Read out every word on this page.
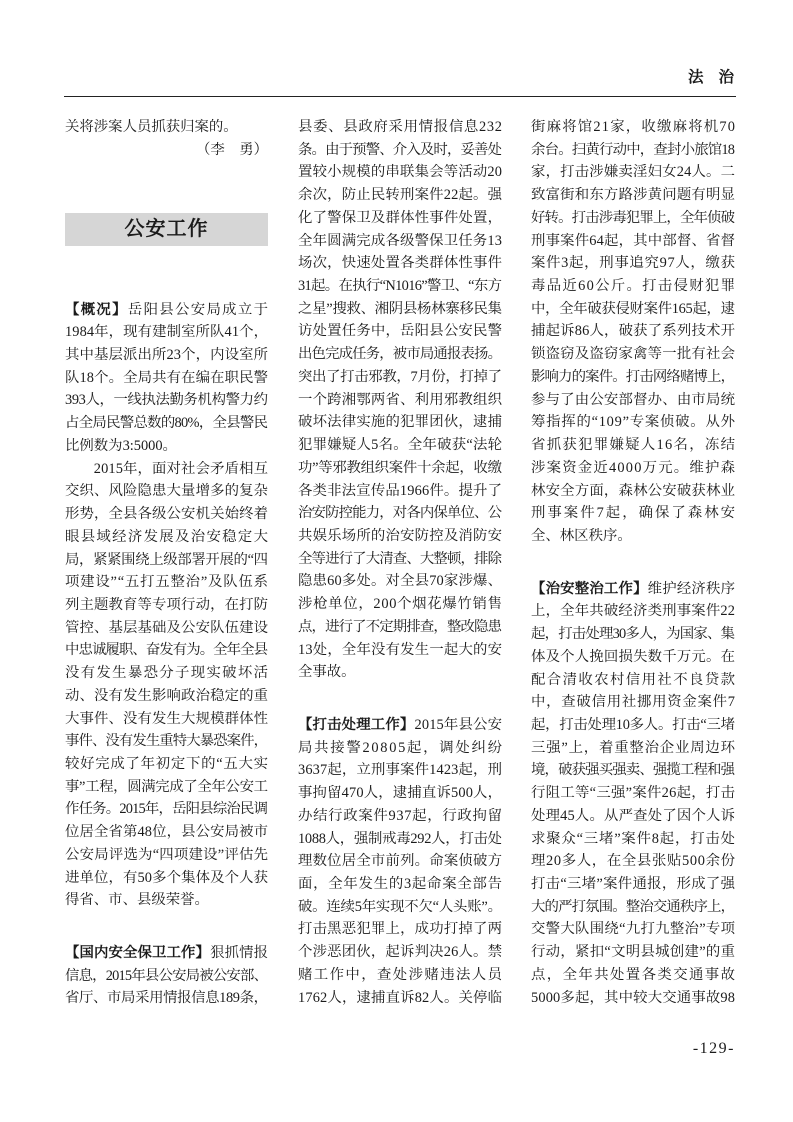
法治
关将涉案人员抓获归案的。
（李　勇）
公安工作
【概况】岳阳县公安局成立于
1984年，现有建制室所队41个，
其中基层派出所23个，内设室所
队18个。全局共有在编在职民警
393人，一线执法勤务机构警力约
占全局民警总数的80%，全县警民
比例数为3:5000。
2015年，面对社会矛盾相互
交织、风险隐患大量增多的复杂
形势，全县各级公安机关始终着
眼县域经济发展及治安稳定大
局，紧紧围绕上级部署开展的“四
项建设”“五打五整治”及队伍系
列主题教育等专项行动，在打防
管控、基层基础及公安队伍建设
中忠诚履职、奋发有为。全年全县
没有发生暴恐分子现实破坏活
动、没有发生影响政治稳定的重
大事件、没有发生大规模群体性
事件、没有发生重特大暴恐案件，
较好完成了年初定下的“五大实
事”工程，圆满完成了全年公安工
作任务。2015年，岳阳县综治民调
位居全省第48位，县公安局被市
公安局评选为“四项建设”评估先
进单位，有50多个集体及个人获
得省、市、县级荣誉。
【国内安全保卫工作】狠抓情报
信息，2015年县公安局被公安部、
省厅、市局采用情报信息189条，
县委、县政府采用情报信息232
条。由于预警、介入及时，妥善处
置较小规模的串联集会等活动20
余次，防止民转刑案件22起。强
化了警保卫及群体性事件处置，
全年圆满完成各级警保卫任务13
场次，快速处置各类群体性事件
31起。在执行“N1016”警卫、“东方
之星”搜救、湘阴县杨林寨移民集
访处置任务中，岳阳县公安民警
出色完成任务，被市局通报表扬。
突出了打击邪教，7月份，打掉了
一个跨湘鄂两省、利用邪教组织
破坏法律实施的犯罪团伙，逮捕
犯罪嫌疑人5名。全年破获“法轮
功”等邪教组织案件十余起，收缴
各类非法宣传品1966件。提升了
治安防控能力，对各内保单位、公
共娱乐场所的治安防控及消防安
全等进行了大清查、大整顿，排除
隐患60多处。对全县70家涉爆、
涉枪单位，200个烟花爆竹销售
点，进行了不定期排查，整改隐患
13处，全年没有发生一起大的安
全事故。
【打击处理工作】2015年县公安
局共接警20805起，调处纠纷
3637起，立刑事案件1423起，刑
事拘留470人，逮捕直诉500人，
办结行政案件937起，行政拘留
1088人，强制戒毒292人，打击处
理数位居全市前列。命案侦破方
面，全年发生的3起命案全部告
破。连续5年实现不欠“人头账”。
打击黑恶犯罪上，成功打掉了两
个涉恶团伙，起诉判决26人。禁
赌工作中，查处涉赌违法人员
1762人，逮捕直诉82人。关停临
街麻将馆21家，收缴麻将机70
余台。扫黄行动中，查封小旅馆18
家，打击涉嫌卖淫妇女24人。二
致富街和东方路涉黄问题有明显
好转。打击涉毒犯罪上，全年侦破
刑事案件64起，其中部督、省督
案件3起，刑事追究97人，缴获
毒品近60公斤。打击侵财犯罪
中，全年破获侵财案件165起，逮
捕起诉86人，破获了系列技术开
锁盗窃及盗窃家禽等一批有社会
影响力的案件。打击网络赌博上，
参与了由公安部督办、由市局统
筹指挥的“109”专案侦破。从外
省抓获犯罪嫌疑人16名，冻结
涉案资金近4000万元。维护森
林安全方面，森林公安破获林业
刑事案件7起，确保了森林安
全、林区秩序。
【治安整治工作】维护经济秩序
上，全年共破经济类刑事案件22
起，打击处理30多人，为国家、集
体及个人挽回损失数千万元。在
配合清收农村信用社不良贷款
中，查破信用社挪用资金案件7
起，打击处理10多人。打击“三堵
三强”上，着重整治企业周边环
境，破获强买强卖、强揽工程和强
行阻工等“三强”案件26起，打击
处理45人。从严查处了因个人诉
求聚众“三堵”案件8起，打击处
理20多人，在全县张贴500余份
打击“三堵”案件通报，形成了强
大的严打氛围。整治交通秩序上，
交警大队围绕“九打九整治”专项
行动，紧扣“文明县城创建”的重
点，全年共处置各类交通事故
5000多起，其中较大交通事故98
-129-
